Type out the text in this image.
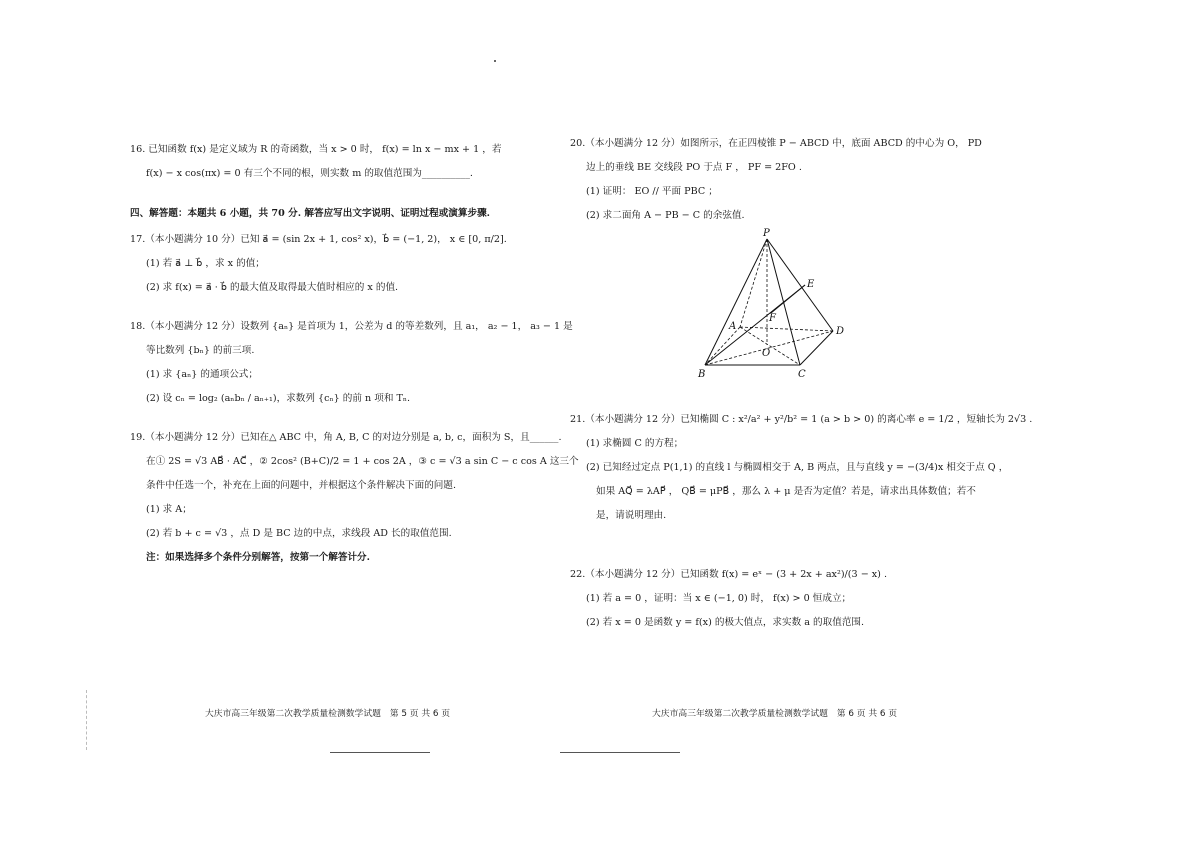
16. 已知函数 f(x) 是定义域为 R 的奇函数，当 x > 0 时， f(x) = ln x − mx + 1 ，若
f(x) − x cos(πx) = 0 有三个不同的根，则实数 m 的取值范围为__________.
四、解答题：本题共 6 小题，共 70 分. 解答应写出文字说明、证明过程或演算步骤.
17.（本小题满分 10 分）已知 a⃗ = (sin 2x + 1, cos² x)，b⃗ = (−1, 2)， x ∈ [0, π/2].
(1) 若 a⃗ ⊥ b⃗ ，求 x 的值；
(2) 求 f(x) = a⃗ · b⃗ 的最大值及取得最大值时相应的 x 的值.
18.（本小题满分 12 分）设数列 {aₙ} 是首项为 1，公差为 d 的等差数列，且 a₁， a₂ − 1， a₃ − 1 是
等比数列 {bₙ} 的前三项.
(1) 求 {aₙ} 的通项公式；
(2) 设 cₙ = log₂ (aₙbₙ / aₙ₊₁)，求数列 {cₙ} 的前 n 项和 Tₙ.
19.（本小题满分 12 分）已知在△ ABC 中，角 A, B, C 的对边分别是 a, b, c，面积为 S，且______.
在① 2S = √3 AB⃗ · AC⃗ ，② 2cos² (B+C)/2 = 1 + cos 2A ，③ c = √3 a sin C − c cos A 这三个
条件中任选一个，补充在上面的问题中，并根据这个条件解决下面的问题.
(1) 求 A；
(2) 若 b + c = √3 ，点 D 是 BC 边的中点，求线段 AD 长的取值范围.
注：如果选择多个条件分别解答，按第一个解答计分.
大庆市高三年级第二次教学质量检测数学试题　第 5 页 共 6 页
20.（本小题满分 12 分）如图所示，在正四棱锥 P − ABCD 中，底面 ABCD 的中心为 O， PD
边上的垂线 BE 交线段 PO 于点 F ， PF = 2FO .
(1) 证明： EO // 平面 PBC ；
(2) 求二面角 A − PB − C 的余弦值.
P
E
A
F
D
O
B	C
21.（本小题满分 12 分）已知椭圆 C : x²/a² + y²/b² = 1 (a > b > 0) 的离心率 e = 1/2 ，短轴长为 2√3 .
(1) 求椭圆 C 的方程；
(2) 已知经过定点 P(1,1) 的直线 l 与椭圆相交于 A, B 两点，且与直线 y = −(3/4)x 相交于点 Q ，
如果 AQ⃗ = λAP⃗ ， QB⃗ = μPB⃗ ，那么 λ + μ 是否为定值？若是，请求出具体数值；若不
是，请说明理由.
22.（本小题满分 12 分）已知函数 f(x) = eˣ − (3 + 2x + ax²)/(3 − x) .
(1) 若 a = 0 ，证明：当 x ∈ (−1, 0) 时， f(x) > 0 恒成立；
(2) 若 x = 0 是函数 y = f(x) 的极大值点，求实数 a 的取值范围.
大庆市高三年级第二次教学质量检测数学试题　第 6 页 共 6 页
